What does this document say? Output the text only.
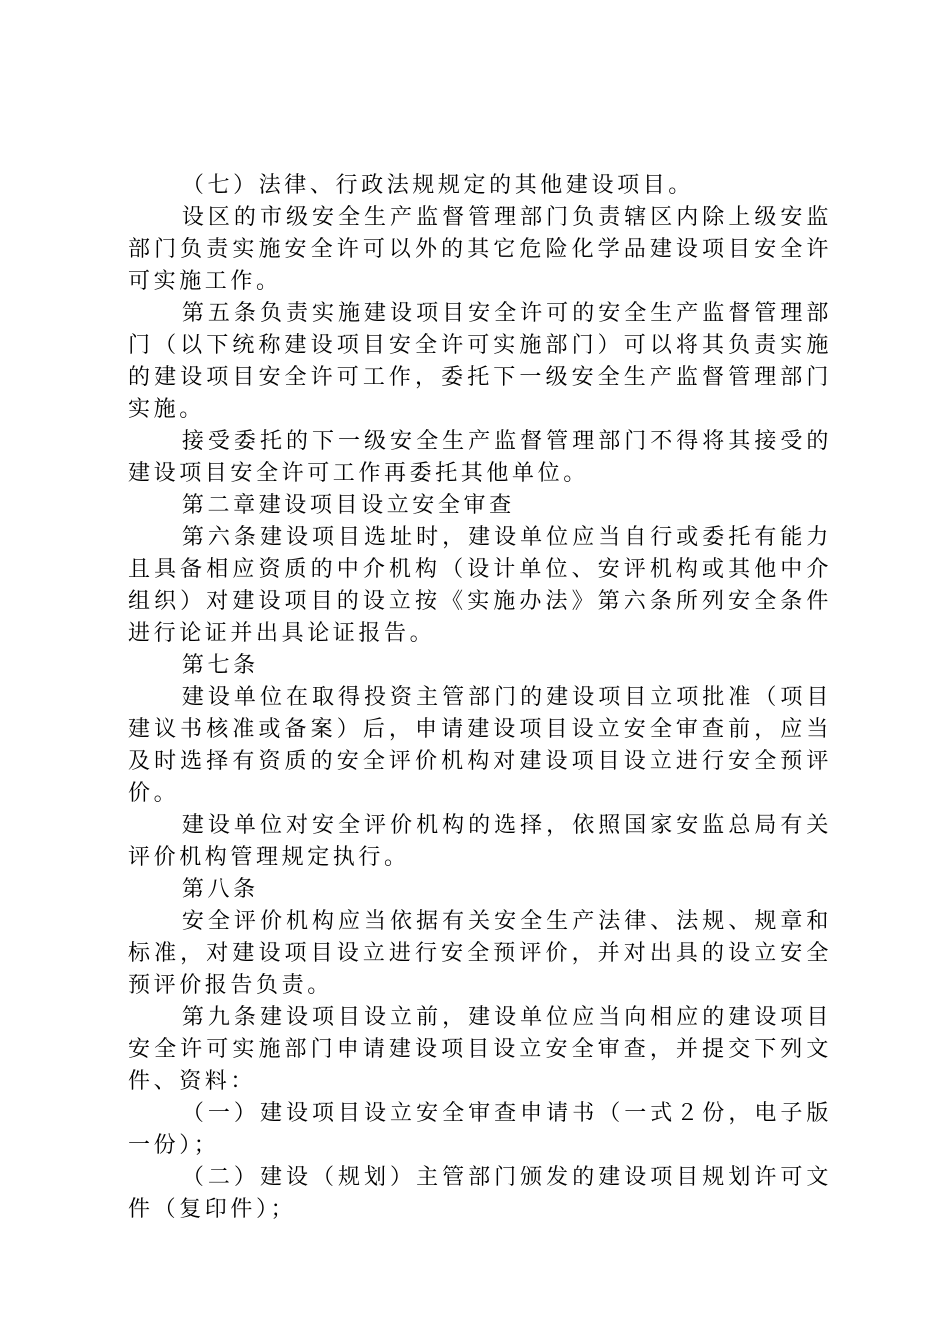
（七）法律、行政法规规定的其他建设项目。

设区的市级安全生产监督管理部门负责辖区内除上级安监部门负责实施安全许可以外的其它危险化学品建设项目安全许可实施工作。

第五条负责实施建设项目安全许可的安全生产监督管理部门（以下统称建设项目安全许可实施部门）可以将其负责实施的建设项目安全许可工作，委托下一级安全生产监督管理部门实施。

接受委托的下一级安全生产监督管理部门不得将其接受的建设项目安全许可工作再委托其他单位。

第二章建设项目设立安全审查

第六条建设项目选址时，建设单位应当自行或委托有能力且具备相应资质的中介机构（设计单位、安评机构或其他中介组织）对建设项目的设立按《实施办法》第六条所列安全条件进行论证并出具论证报告。

第七条

建设单位在取得投资主管部门的建设项目立项批准（项目建议书核准或备案）后，申请建设项目设立安全审查前，应当及时选择有资质的安全评价机构对建设项目设立进行安全预评价。

建设单位对安全评价机构的选择，依照国家安监总局有关评价机构管理规定执行。

第八条

安全评价机构应当依据有关安全生产法律、法规、规章和标准，对建设项目设立进行安全预评价，并对出具的设立安全预评价报告负责。

第九条建设项目设立前，建设单位应当向相应的建设项目安全许可实施部门申请建设项目设立安全审查，并提交下列文件、资料：

（一）建设项目设立安全审查申请书（一式２份，电子版一份）；

（二）建设（规划）主管部门颁发的建设项目规划许可文件（复印件）；
